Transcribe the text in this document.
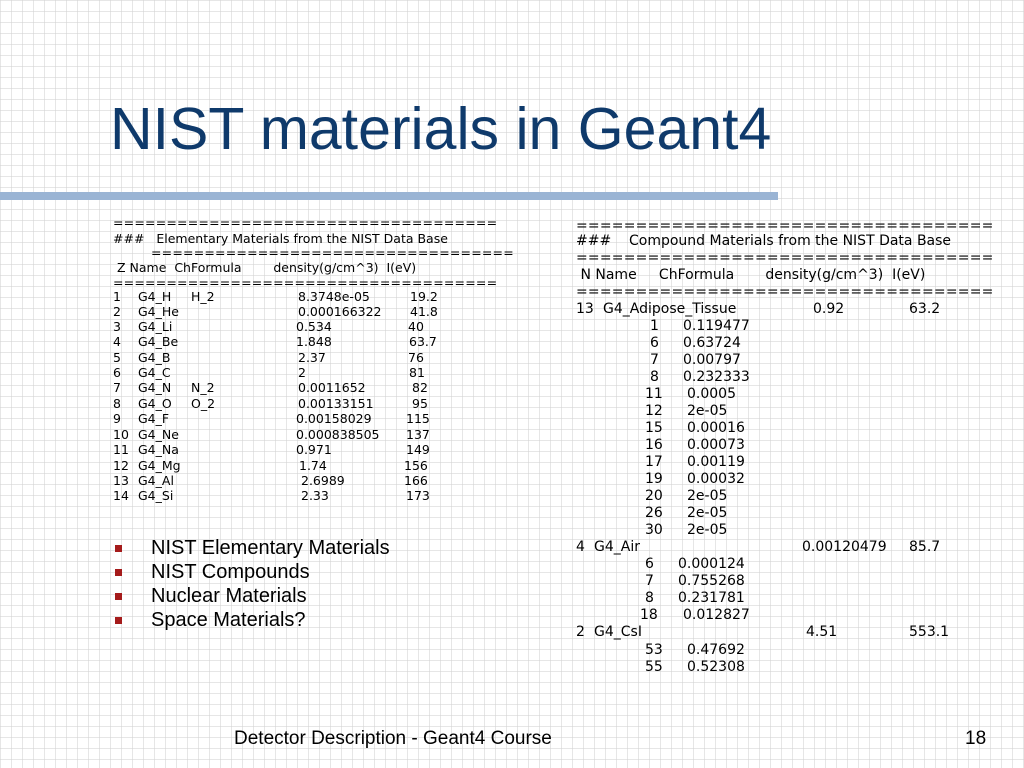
NIST materials in Geant4
====================================
###   Elementary Materials from the NIST Data Base
==================================
Z Name  ChFormula        density(g/cm^3)  I(eV)
====================================
1 G4_H H_2	8.3748e-05	19.2
2 G4_He	0.000166322 41.8
3 G4_Li	0.534	40
4 G4_Be	1.848	63.7
5 G4_B	2.37	76
6 G4_C	2	81
7 G4_N N_2	0.0011652	82
8 G4_O O_2	0.00133151	95
9 G4_F	0.00158029	115
10 G4_Ne	0.000838505 137
11 G4_Na	0.971	149
12 G4_Mg	1.74	156
13 G4_Al	2.6989	166
14 G4_Si	2.33	173
NIST Elementary Materials
NIST Compounds
Nuclear Materials
Space Materials?
===================================
###    Compound Materials from the NIST Data Base
===================================
N Name     ChFormula       density(g/cm^3)  I(eV)
===================================
13 G4_Adipose_Tissue	0.92	63.2
1 0.119477
6 0.63724
7 0.00797
8 0.232333
11 0.0005
12 2e-05
15 0.00016
16 0.00073
17 0.00119
19 0.00032
20 2e-05
26 2e-05
30 2e-05
4 G4_Air	0.00120479 85.7
6 0.000124
7 0.755268
8 0.231781
18 0.012827
2 G4_CsI	4.51	553.1
53 0.47692
55 0.52308
Detector Description - Geant4 Course	18
